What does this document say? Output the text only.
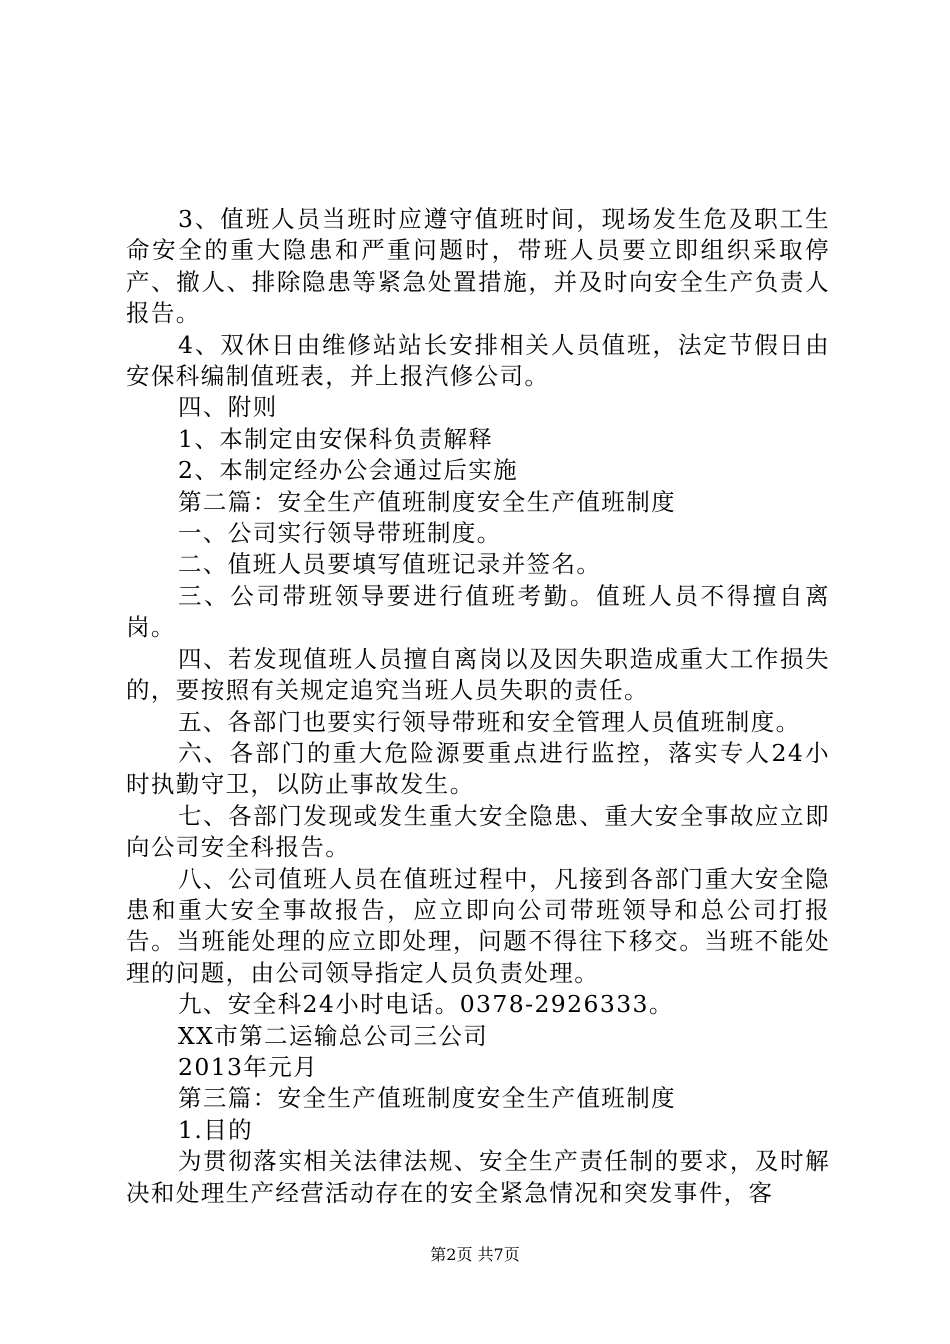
3、值班人员当班时应遵守值班时间，现场发生危及职工生命安全的重大隐患和严重问题时，带班人员要立即组织采取停产、撤人、排除隐患等紧急处置措施，并及时向安全生产负责人报告。

4、双休日由维修站站长安排相关人员值班，法定节假日由安保科编制值班表，并上报汽修公司。

四、附则

1、本制定由安保科负责解释

2、本制定经办公会通过后实施

第二篇：安全生产值班制度安全生产值班制度

一、公司实行领导带班制度。

二、值班人员要填写值班记录并签名。

三、公司带班领导要进行值班考勤。值班人员不得擅自离岗。

四、若发现值班人员擅自离岗以及因失职造成重大工作损失的，要按照有关规定追究当班人员失职的责任。

五、各部门也要实行领导带班和安全管理人员值班制度。

六、各部门的重大危险源要重点进行监控，落实专人24小时执勤守卫，以防止事故发生。

七、各部门发现或发生重大安全隐患、重大安全事故应立即向公司安全科报告。

八、公司值班人员在值班过程中，凡接到各部门重大安全隐患和重大安全事故报告，应立即向公司带班领导和总公司打报告。当班能处理的应立即处理，问题不得往下移交。当班不能处理的问题，由公司领导指定人员负责处理。

九、安全科24小时电话。0378-2926333。

XX市第二运输总公司三公司

2013年元月

第三篇：安全生产值班制度安全生产值班制度

1.目的

为贯彻落实相关法律法规、安全生产责任制的要求，及时解决和处理生产经营活动存在的安全紧急情况和突发事件，客

第2页 共7页
